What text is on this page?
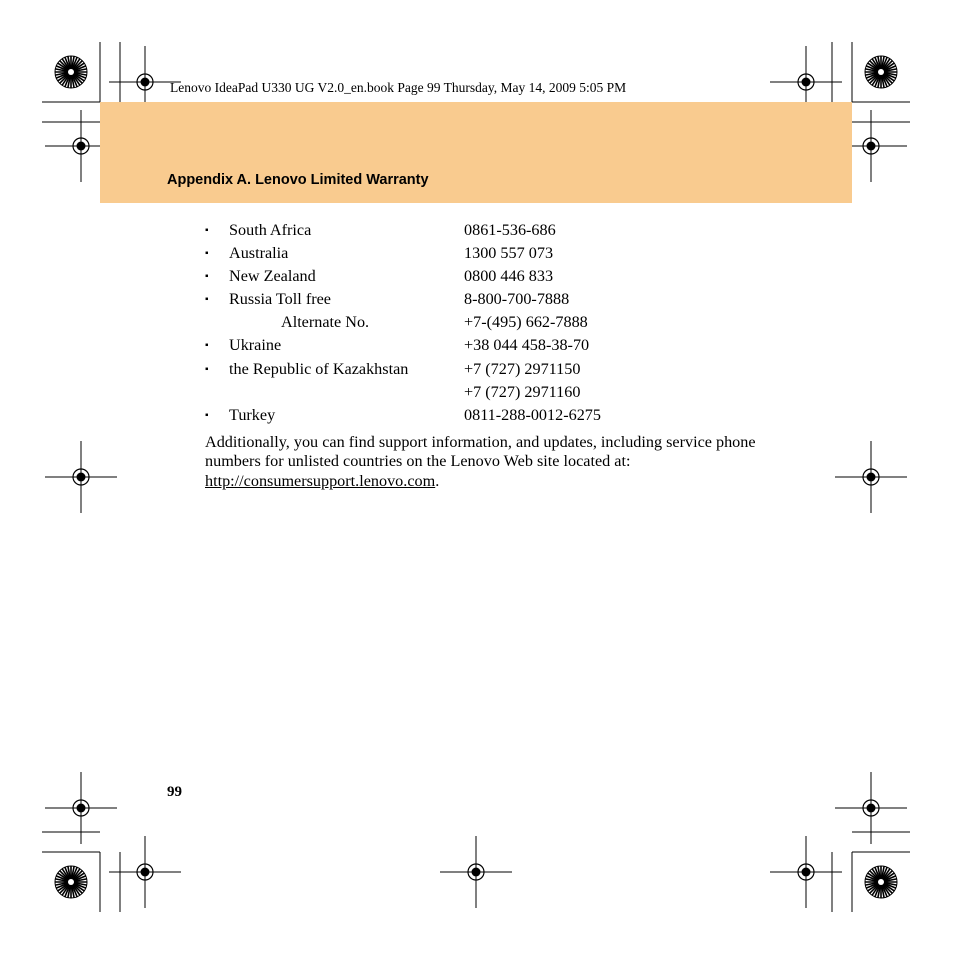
Lenovo IdeaPad U330 UG V2.0_en.book Page 99 Thursday, May 14, 2009 5:05 PM
Appendix A. Lenovo Limited Warranty
▪ South Africa	0861-536-686
▪ Australia	1300 557 073
▪ New Zealand	0800 446 833
▪ Russia Toll free	8-800-700-7888
Alternate No.	+7-(495) 662-7888
▪ Ukraine	+38 044 458-38-70
▪ the Republic of Kazakhstan	+7 (727) 2971150
+7 (727) 2971160
▪ Turkey	0811-288-0012-6275

Additionally, you can find support information, and updates, including service phone numbers for unlisted countries on the Lenovo Web site located at: http://consumersupport.lenovo.com.

99
